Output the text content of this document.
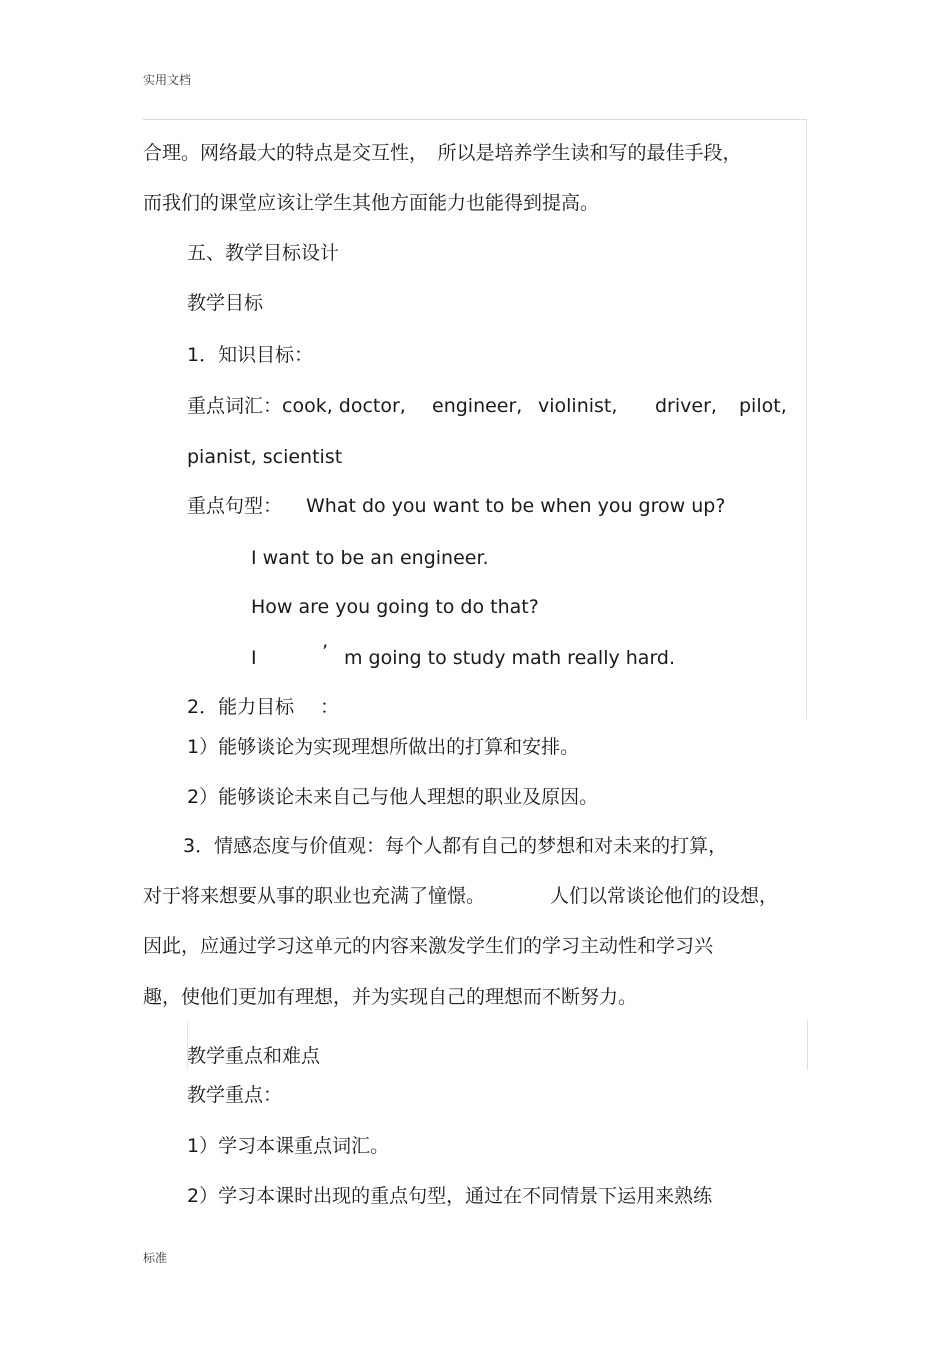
实用文档
合理。网络最大的特点是交互性，　所以是培养学生读和写的最佳手段，
而我们的课堂应该让学生其他方面能力也能得到提高。
五、教学目标设计
教学目标
1．知识目标：
重点词汇：cook, doctor, engineer, violinist, driver, pilot,
pianist, scientist
重点句型： What do you want to be when you grow up?
I want to be an engineer.
How are you going to do that?
I	’ m going to study math really hard.
2．能力目标 ：
1）能够谈论为实现理想所做出的打算和安排。
2）能够谈论未来自己与他人理想的职业及原因。
3．情感态度与价值观：每个人都有自己的梦想和对未来的打算，
对于将来想要从事的职业也充满了憧憬。	人们以常谈论他们的设想，
因此，应通过学习这单元的内容来激发学生们的学习主动性和学习兴
趣，使他们更加有理想，并为实现自己的理想而不断努力。
教学重点和难点
教学重点：
1）学习本课重点词汇。
2）学习本课时出现的重点句型，通过在不同情景下运用来熟练
标准
